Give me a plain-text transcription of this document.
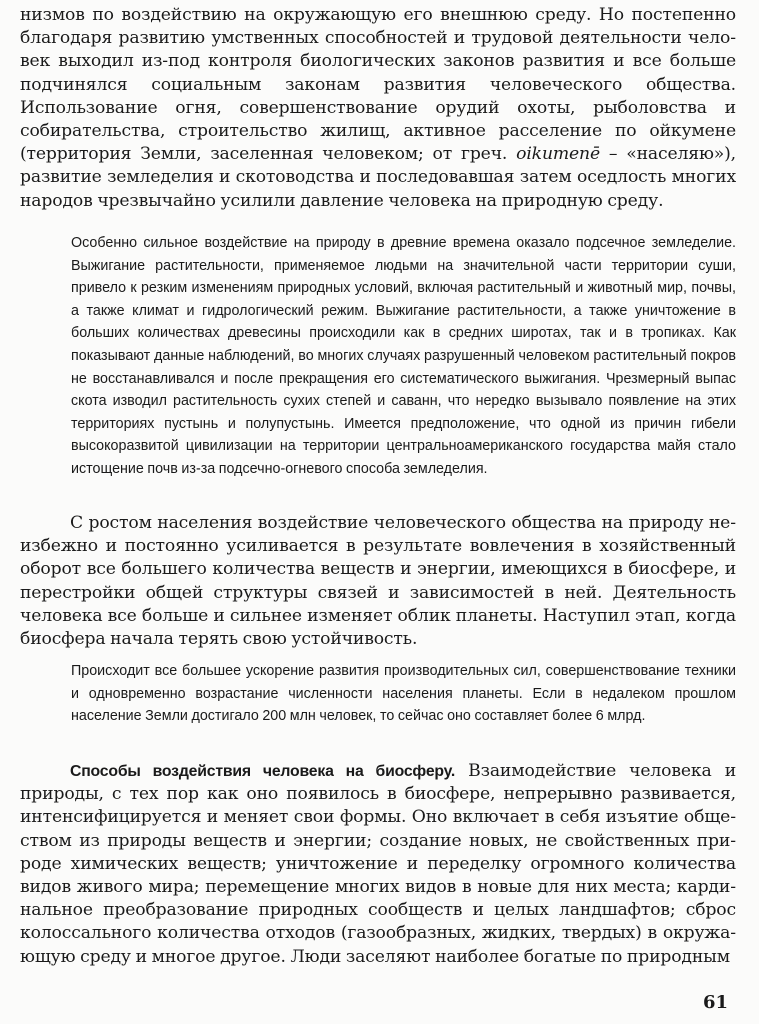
низмов по воздействию на окружающую его внешнюю среду. Но постепенно благодаря развитию умственных способностей и трудовой деятельности человек выходил из-под контроля биологических законов развития и все больше подчинялся социальным законам развития человеческого общества. Использование огня, совершенствование орудий охоты, рыболовства и собирательства, строительство жилищ, активное расселение по ойкумене (территория Земли, заселенная человеком; от греч. oikumenē – «населяю»), развитие земледелия и скотоводства и последовавшая затем оседлость многих народов чрезвычайно усилили давление человека на природную среду.
Особенно сильное воздействие на природу в древние времена оказало подсечное земледелие. Выжигание растительности, применяемое людьми на значительной части территории суши, привело к резким изменениям природных условий, включая растительный и животный мир, почвы, а также климат и гидрологический режим. Выжигание растительности, а также уничтожение в больших количествах древесины происходили как в средних широтах, так и в тропиках. Как показывают данные наблюдений, во многих случаях разрушенный человеком растительный покров не восстанавливался и после прекращения его систематического выжигания. Чрезмерный выпас скота изводил растительность сухих степей и саванн, что нередко вызывало появление на этих территориях пустынь и полупустынь. Имеется предположение, что одной из причин гибели высокоразвитой цивилизации на территории центральноамериканского государства майя стало истощение почв из-за подсечно-огневого способа земледелия.
С ростом населения воздействие человеческого общества на природу неизбежно и постоянно усиливается в результате вовлечения в хозяйственный оборот все большего количества веществ и энергии, имеющихся в биосфере, и перестройки общей структуры связей и зависимостей в ней. Деятельность человека все больше и сильнее изменяет облик планеты. Наступил этап, когда биосфера начала терять свою устойчивость.
Происходит все большее ускорение развития производительных сил, совершенствование техники и одновременно возрастание численности населения планеты. Если в недалеком прошлом население Земли достигало 200 млн человек, то сейчас оно составляет более 6 млрд.
Способы воздействия человека на биосферу. Взаимодействие человека и природы, с тех пор как оно появилось в биосфере, непрерывно развивается, интенсифицируется и меняет свои формы. Оно включает в себя изъятие обществом из природы веществ и энергии; создание новых, не свойственных природе химических веществ; уничтожение и переделку огромного количества видов живого мира; перемещение многих видов в новые для них места; кардинальное преобразование природных сообществ и целых ландшафтов; сброс колоссального количества отходов (газообразных, жидких, твердых) в окружающую среду и многое другое. Люди заселяют наиболее богатые по природным
61
